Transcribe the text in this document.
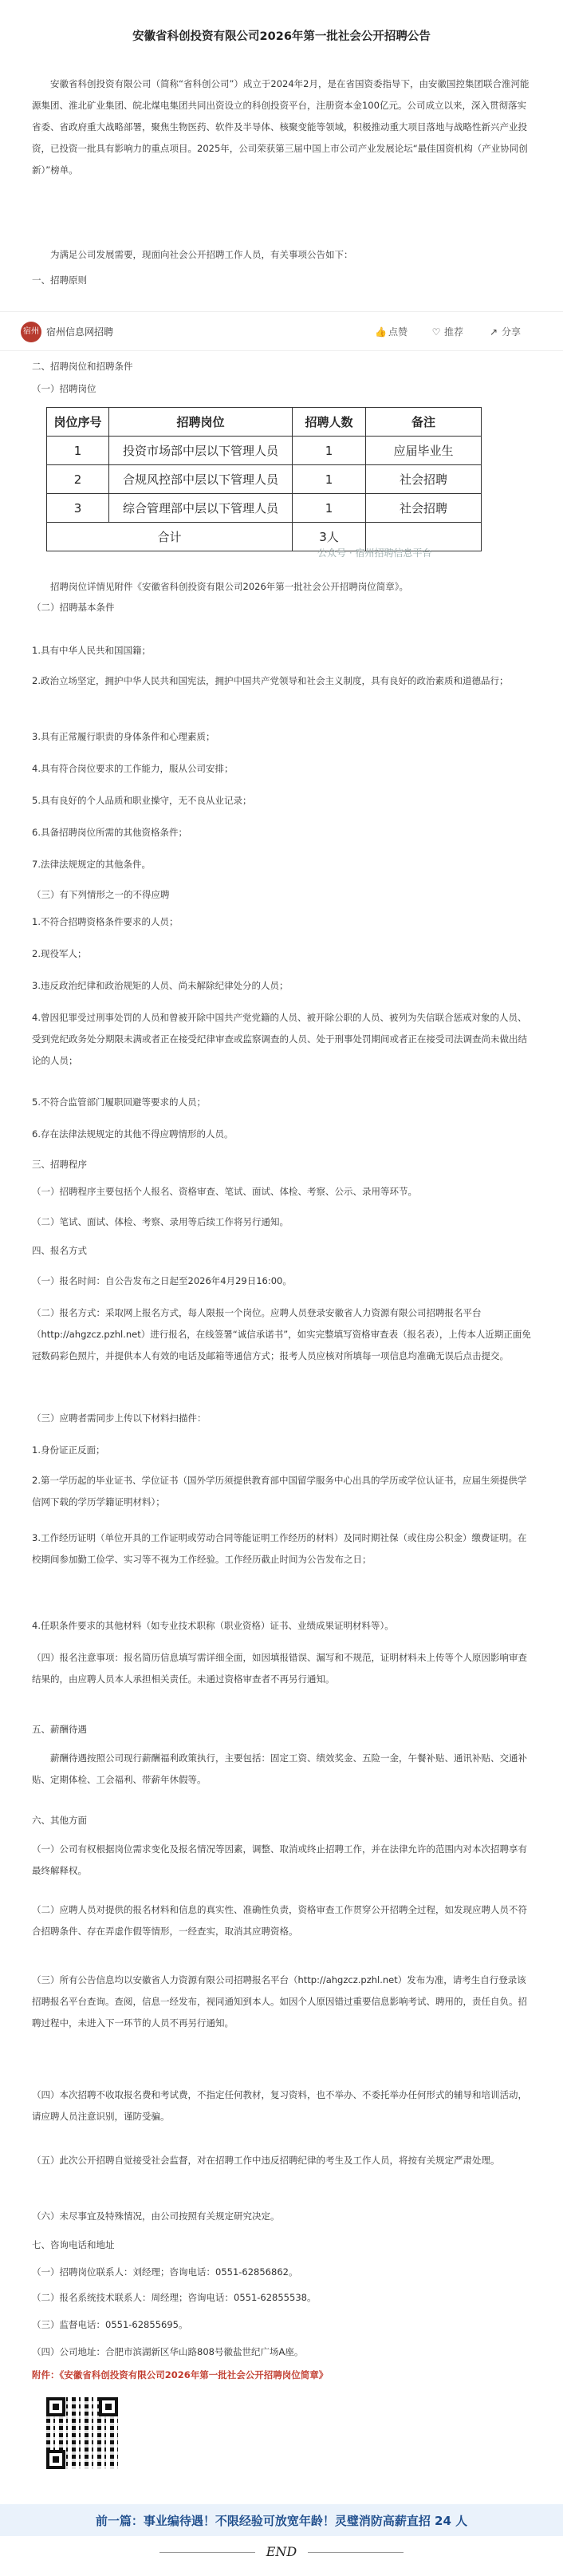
安徽省科创投资有限公司2026年第一批社会公开招聘公告

安徽省科创投资有限公司（简称“省科创公司”）成立于2024年2月，是在省国资委指导下，由安徽国控集团联合淮河能源集团、淮北矿业集团、皖北煤电集团共同出资设立的科创投资平台，注册资本金100亿元。公司成立以来，深入贯彻落实省委、省政府重大战略部署，聚焦生物医药、软件及半导体、核聚变能等领域，积极推动重大项目落地与战略性新兴产业投资，已投资一批具有影响力的重点项目。2025年，公司荣获第三届中国上市公司产业发展论坛“最佳国资机构（产业协同创新）”榜单。

为满足公司发展需要，现面向社会公开招聘工作人员，有关事项公告如下：

一、招聘原则
宿州 宿州信息网招聘	👍 点赞	♡ 推荐	↗ 分享
二、招聘岗位和招聘条件
（一）招聘岗位
岗位序号	招聘岗位	招聘人数	备注
1	投资市场部中层以下管理人员	1	应届毕业生
2	合规风控部中层以下管理人员	1	社会招聘
3	综合管理部中层以下管理人员	1	社会招聘
合计		3人	
公众号 · 宿州招聘信息平台

招聘岗位详情见附件《安徽省科创投资有限公司2026年第一批社会公开招聘岗位简章》。

（二）招聘基本条件

1.具有中华人民共和国国籍；

2.政治立场坚定，拥护中华人民共和国宪法，拥护中国共产党领导和社会主义制度，具有良好的政治素质和道德品行；

3.具有正常履行职责的身体条件和心理素质；

4.具有符合岗位要求的工作能力，服从公司安排；

5.具有良好的个人品质和职业操守，无不良从业记录；

6.具备招聘岗位所需的其他资格条件；

7.法律法规规定的其他条件。

（三）有下列情形之一的不得应聘

1.不符合招聘资格条件要求的人员；

2.现役军人；

3.违反政治纪律和政治规矩的人员、尚未解除纪律处分的人员；

4.曾因犯罪受过刑事处罚的人员和曾被开除中国共产党党籍的人员、被开除公职的人员、被列为失信联合惩戒对象的人员、受到党纪政务处分期限未满或者正在接受纪律审查或监察调查的人员、处于刑事处罚期间或者正在接受司法调查尚未做出结论的人员；

5.不符合监管部门履职回避等要求的人员；

6.存在法律法规规定的其他不得应聘情形的人员。

三、招聘程序

（一）招聘程序主要包括个人报名、资格审查、笔试、面试、体检、考察、公示、录用等环节。

（二）笔试、面试、体检、考察、录用等后续工作将另行通知。

四、报名方式

（一）报名时间：自公告发布之日起至2026年4月29日16:00。

（二）报名方式：采取网上报名方式，每人限报一个岗位。应聘人员登录安徽省人力资源有限公司招聘报名平台（http://ahgzcz.pzhl.net）进行报名，在线签署“诚信承诺书”，如实完整填写资格审查表（报名表），上传本人近期正面免冠数码彩色照片，并提供本人有效的电话及邮箱等通信方式；报考人员应核对所填每一项信息均准确无误后点击提交。

（三）应聘者需同步上传以下材料扫描件：

1.身份证正反面；

2.第一学历起的毕业证书、学位证书（国外学历须提供教育部中国留学服务中心出具的学历或学位认证书，应届生须提供学信网下载的学历学籍证明材料）；

3.工作经历证明（单位开具的工作证明或劳动合同等能证明工作经历的材料）及同时期社保（或住房公积金）缴费证明。在校期间参加勤工俭学、实习等不视为工作经验。工作经历截止时间为公告发布之日；

4.任职条件要求的其他材料（如专业技术职称（职业资格）证书、业绩成果证明材料等）。

（四）报名注意事项：报名简历信息填写需详细全面，如因填报错误、漏写和不规范，证明材料未上传等个人原因影响审查结果的，由应聘人员本人承担相关责任。未通过资格审查者不再另行通知。

五、薪酬待遇

薪酬待遇按照公司现行薪酬福利政策执行，主要包括：固定工资、绩效奖金、五险一金，午餐补贴、通讯补贴、交通补贴、定期体检、工会福利、带薪年休假等。

六、其他方面

（一）公司有权根据岗位需求变化及报名情况等因素，调整、取消或终止招聘工作，并在法律允许的范围内对本次招聘享有最终解释权。

（二）应聘人员对提供的报名材料和信息的真实性、准确性负责，资格审查工作贯穿公开招聘全过程，如发现应聘人员不符合招聘条件、存在弄虚作假等情形，一经查实，取消其应聘资格。

（三）所有公告信息均以安徽省人力资源有限公司招聘报名平台（http://ahgzcz.pzhl.net）发布为准，请考生自行登录该招聘报名平台查询。查阅，信息一经发布，视同通知到本人。如因个人原因错过重要信息影响考试、聘用的，责任自负。招聘过程中，未进入下一环节的人员不再另行通知。

（四）本次招聘不收取报名费和考试费，不指定任何教材，复习资料，也不举办、不委托举办任何形式的辅导和培训活动，请应聘人员注意识别，谨防受骗。

（五）此次公开招聘自觉接受社会监督，对在招聘工作中违反招聘纪律的考生及工作人员，将按有关规定严肃处理。

（六）未尽事宜及特殊情况，由公司按照有关规定研究决定。

七、咨询电话和地址

（一）招聘岗位联系人：刘经理；咨询电话：0551-62856862。

（二）报名系统技术联系人：周经理；咨询电话：0551-62855538。

（三）监督电话：0551-62855695。

（四）公司地址：合肥市滨湖新区华山路808号徽盐世纪广场A座。

附件：《安徽省科创投资有限公司2026年第一批社会公开招聘岗位简章》
前一篇：事业编待遇！不限经验可放宽年龄！灵璧消防高薪直招 24 人
END
